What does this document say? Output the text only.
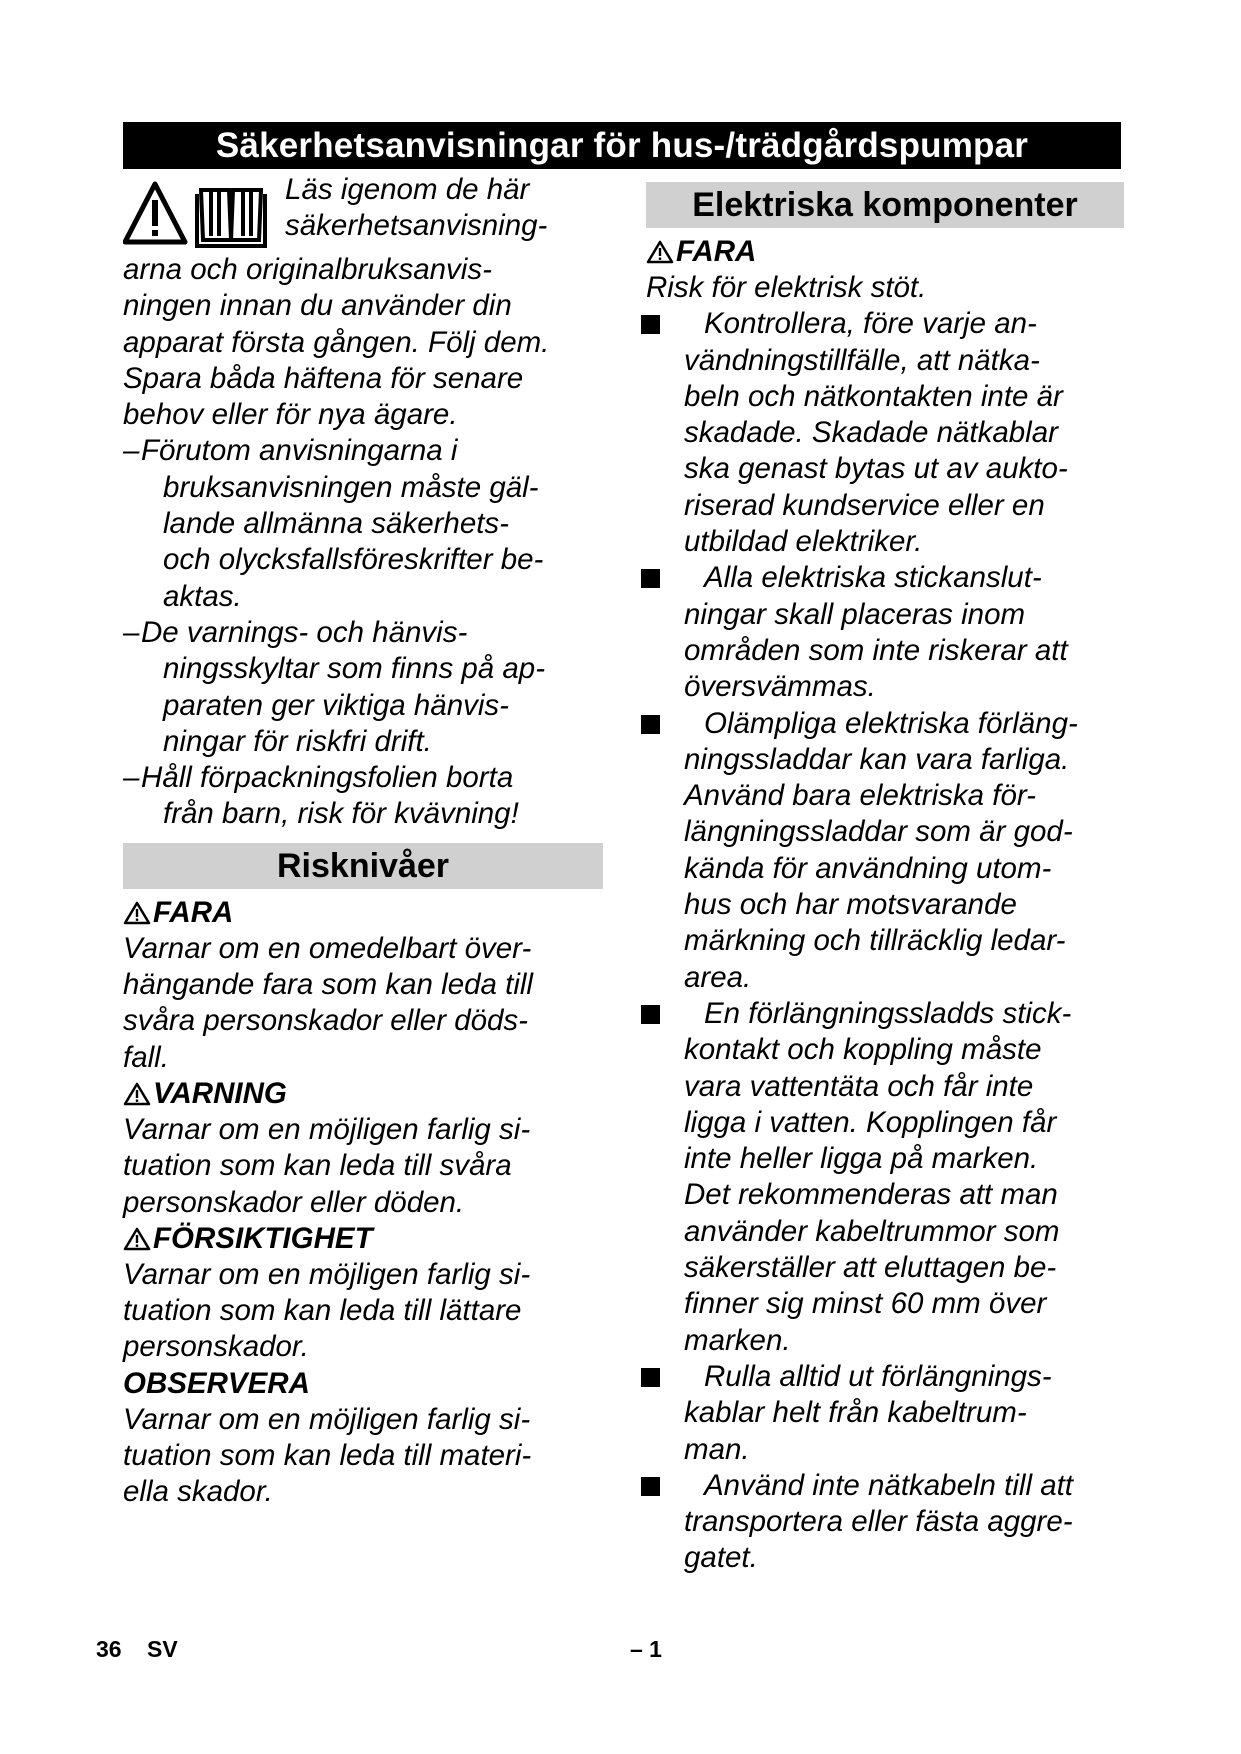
Säkerhetsanvisningar för hus-/trädgårdspumpar
Läs igenom de här
säkerhetsanvisning-
arna och originalbruksanvis-
ningen innan du använder din
apparat första gången. Följ dem.
Spara båda häftena för senare
behov eller för nya ägare.
– Förutom anvisningarna i
bruksanvisningen måste gäl-
lande allmänna säkerhets-
och olycksfallsföreskrifter be-
aktas.
– De varnings- och hänvis-
ningsskyltar som finns på ap-
paraten ger viktiga hänvis-
ningar för riskfri drift.
– Håll förpackningsfolien borta
från barn, risk för kvävning!
Risknivåer
FARA
Varnar om en omedelbart över-
hängande fara som kan leda till
svåra personskador eller döds-
fall.
VARNING
Varnar om en möjligen farlig si-
tuation som kan leda till svåra
personskador eller döden.
FÖRSIKTIGHET
Varnar om en möjligen farlig si-
tuation som kan leda till lättare
personskador.
OBSERVERA
Varnar om en möjligen farlig si-
tuation som kan leda till materi-
ella skador.
Elektriska komponenter
FARA
Risk för elektrisk stöt.
Kontrollera, före varje an-
vändningstillfälle, att nätka-
beln och nätkontakten inte är
skadade. Skadade nätkablar
ska genast bytas ut av aukto-
riserad kundservice eller en
utbildad elektriker.
Alla elektriska stickanslut-
ningar skall placeras inom
områden som inte riskerar att
översvämmas.
Olämpliga elektriska förläng-
ningssladdar kan vara farliga.
Använd bara elektriska för-
längningssladdar som är god-
kända för användning utom-
hus och har motsvarande
märkning och tillräcklig ledar-
area.
En förlängningssladds stick-
kontakt och koppling måste
vara vattentäta och får inte
ligga i vatten. Kopplingen får
inte heller ligga på marken.
Det rekommenderas att man
använder kabeltrummor som
säkerställer att eluttagen be-
finner sig minst 60 mm över
marken.
Rulla alltid ut förlängnings-
kablar helt från kabeltrum-
man.
Använd inte nätkabeln till att
transportera eller fästa aggre-
gatet.
36 SV	– 1
